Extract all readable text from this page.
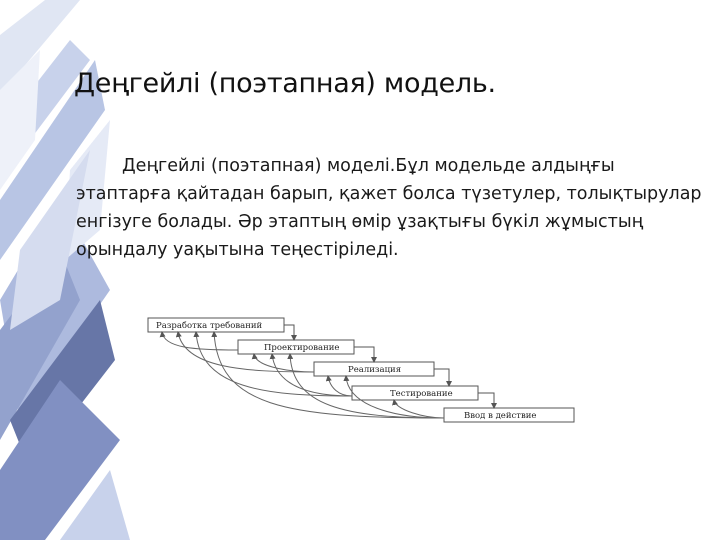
Деңгейлі (поэтапная) модель.

Деңгейлі (поэтапная) моделі.Бұл модельде алдыңғы этаптарға қайтадан барып, қажет болса түзетулер, толықтырулар енгізуге болады. Әр этаптың өмір ұзақтығы бүкіл жұмыстың орындалу уақытына теңестіріледі.

Разработка требований
Проектирование
Реализация
Тестирование
Ввод в действие
